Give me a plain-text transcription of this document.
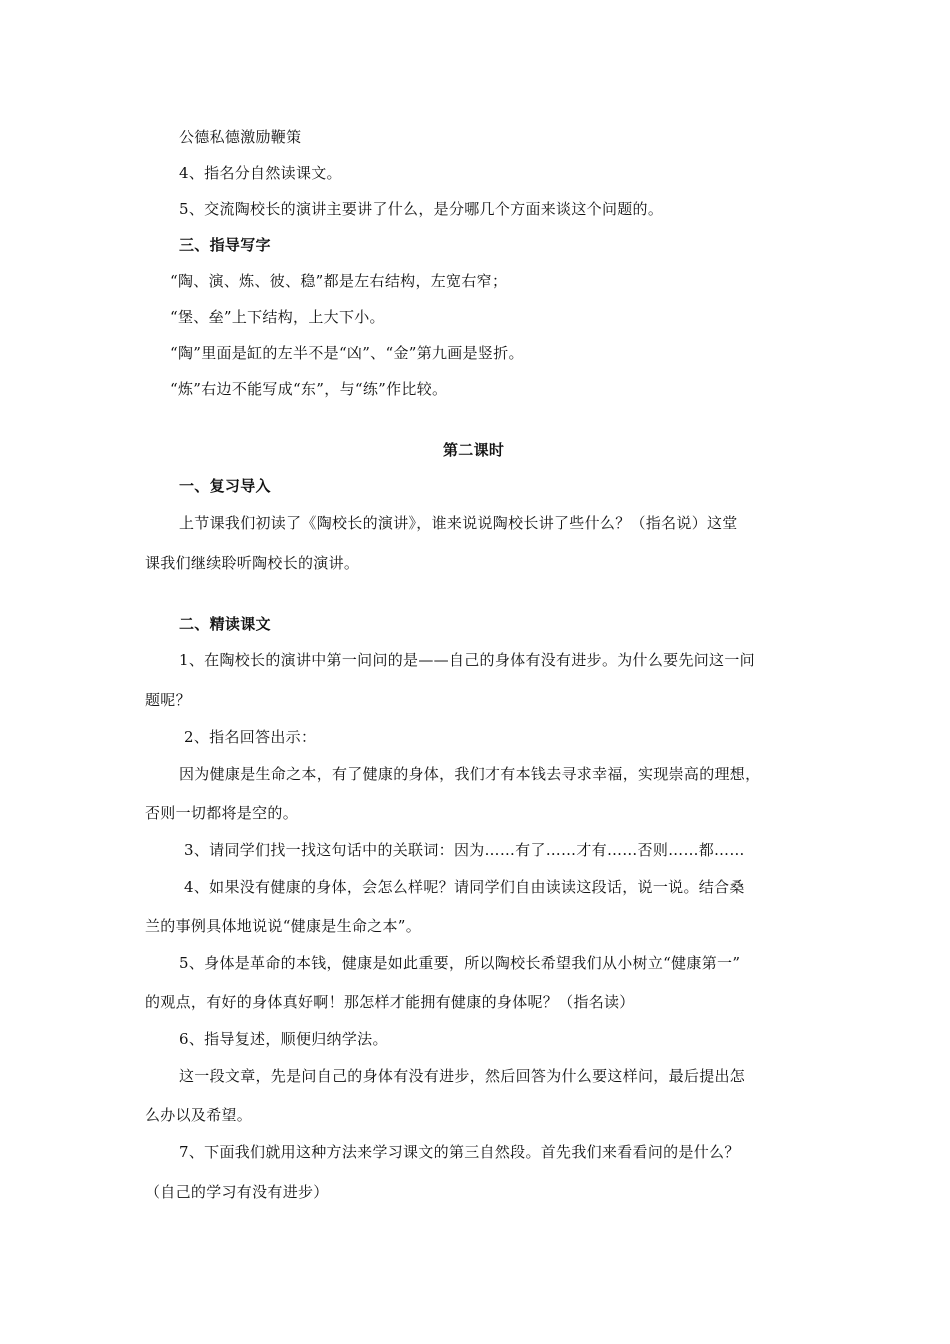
公德私德激励鞭策
4、指名分自然读课文。
5、交流陶校长的演讲主要讲了什么，是分哪几个方面来谈这个问题的。
三、指导写字
“陶、演、炼、彼、稳”都是左右结构，左宽右窄；
“堡、垒”上下结构，上大下小。
“陶”里面是缸的左半不是“凶”、“金”第九画是竖折。
“炼”右边不能写成“东”，与“练”作比较。
第二课时
一、复习导入
上节课我们初读了《陶校长的演讲》，谁来说说陶校长讲了些什么？（指名说）这堂
课我们继续聆听陶校长的演讲。
二、精读课文
1、在陶校长的演讲中第一问问的是——自己的身体有没有进步。为什么要先问这一问
题呢？
2、指名回答出示：
因为健康是生命之本，有了健康的身体，我们才有本钱去寻求幸福，实现崇高的理想，
否则一切都将是空的。
3、请同学们找一找这句话中的关联词：因为……有了……才有……否则……都……
4、如果没有健康的身体，会怎么样呢？请同学们自由读读这段话，说一说。结合桑
兰的事例具体地说说“健康是生命之本”。
5、身体是革命的本钱，健康是如此重要，所以陶校长希望我们从小树立“健康第一”
的观点，有好的身体真好啊！那怎样才能拥有健康的身体呢？（指名读）
6、指导复述，顺便归纳学法。
这一段文章，先是问自己的身体有没有进步，然后回答为什么要这样问，最后提出怎
么办以及希望。
7、下面我们就用这种方法来学习课文的第三自然段。首先我们来看看问的是什么？
（自己的学习有没有进步）
